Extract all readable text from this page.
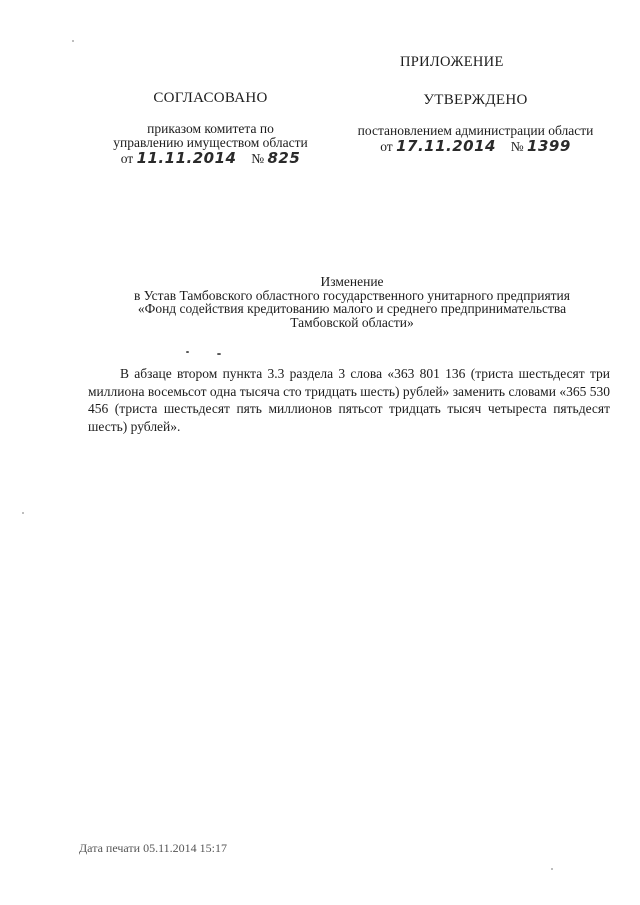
ПРИЛОЖЕНИЕ
СОГЛАСОВАНО
приказом комитета по
управлению имуществом области
от 11.11.2014 № 825
УТВЕРЖДЕНО
постановлением администрации области
от 17.11.2014 № 1399
Изменение
в Устав Тамбовского областного государственного унитарного предприятия
«Фонд содействия кредитованию малого и среднего предпринимательства
Тамбовской области»
В абзаце втором пункта 3.3 раздела 3 слова «363 801 136 (триста шестьдесят три миллиона восемьсот одна тысяча сто тридцать шесть) рублей» заменить словами «365 530 456 (триста шестьдесят пять миллионов пятьсот тридцать тысяч четыреста пятьдесят шесть) рублей».
Дата печати 05.11.2014 15:17
